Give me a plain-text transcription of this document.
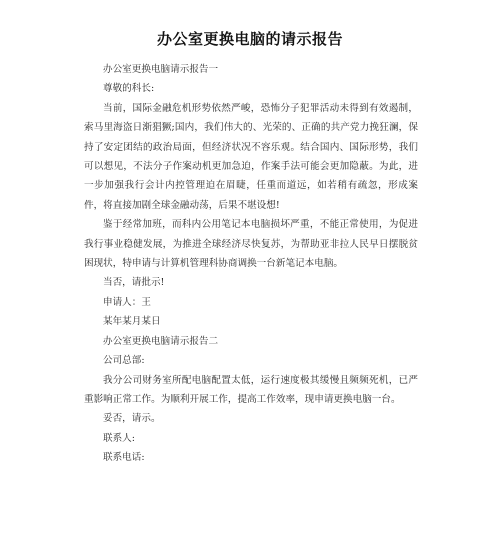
办公室更换电脑的请示报告

办公室更换电脑请示报告一

尊敬的科长:

当前，国际金融危机形势依然严峻，恐怖分子犯罪活动未得到有效遏制，索马里海盗日渐猖獗;国内，我们伟大的、光荣的、正确的共产党力挽狂澜，保持了安定团结的政治局面，但经济状况不容乐观。结合国内、国际形势，我们可以想见，不法分子作案动机更加急迫，作案手法可能会更加隐蔽。为此，进一步加强我行会计内控管理迫在眉睫，任重而道远，如若稍有疏忽，形成案件，将直接加剧全球金融动荡，后果不堪设想!

鉴于经常加班，而科内公用笔记本电脑损坏严重，不能正常使用，为促进我行事业稳健发展，为推进全球经济尽快复苏，为帮助亚非拉人民早日摆脱贫困现状，特申请与计算机管理科协商调换一台新笔记本电脑。

当否，请批示!

申请人：王

某年某月某日

办公室更换电脑请示报告二

公司总部:

我分公司财务室所配电脑配置太低，运行速度极其缓慢且频频死机，已严重影响正常工作。为顺利开展工作，提高工作效率，现申请更换电脑一台。

妥否，请示。

联系人:

联系电话:
